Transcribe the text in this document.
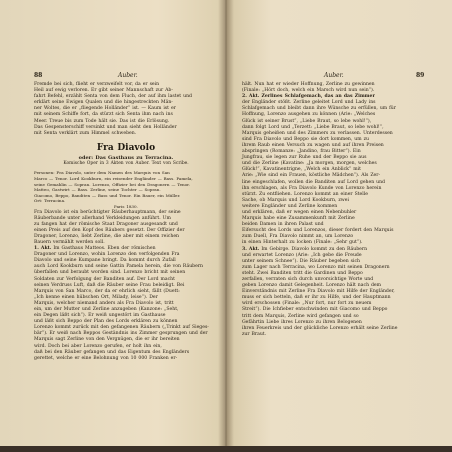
88	Auber.
Fremde bei sich, flieht er verzweifelt vor, da er sein
Heil auf ewig verloren. Er gibt seiner Mannschaft zur Ab-
fahrt Befehl, erzählt Senta von dem Fluch, der auf ihm lastet und
erklärt seine Ewigen Qualen und die hingestreckten Män-
ner Woltes, die er „fliegende Holländer“ ist. — Kaum ist er
mit seinem Schiffe fort, da stürzt sich Senta ihm nach ins
Meer. Treue bis zum Tode hält sie. Das ist die Erlösung.
Das Gespensterschiff versinkt und man sieht den Holländer
mit Senta verklärt zum Himmel schweben.
Fra Diavolo
oder: Das Gasthaus zu Terracina.
Komische Oper in 3 Akten von Auber. Text von Scribe.
Personen: Fra Diavolo, unter dem Namen des Marquis von San
Marco — Tenor. Lord Kookburn, ein reisender Engländer — Bass. Pamela,
seine Gemahlin — Sopran. Lorenzo, Offizier bei den Dragonern — Tenor.
Matteo, Gastwirt — Bass. Zerline, seine Tochter — Sopran.
Giacomo, Beppo, Banditen — Bass und Tenor. Ein Bauer, ein Müller.
Ort: Terracina.
Paris 1830.
Fra Diavolo ist ein berüchtigter Räuberhauptmann, der seine
Räuberbande unter allerhand Verkleidungen anführt. Um
zu fangen hat der römische Staat Dragoner ausgesandt und
einen Preis auf den Kopf des Räubers gesetzt. Der Offizier der
Dragoner, Lorenzo, liebt Zerline, die aber mit einem reichen
Bauern vermählt werden soll.
1. Akt. Im Gasthaus Matteos. Eben der römischen
Dragoner und Lorenzo, wohin Lorenzo den verfolgenden Fra
Diavolo und seine Kumpane bringt. Da kommt durch Zufall
auch Lord Kookburn und seine Gattin Pamela herein, die von Räubern
überfallen und beraubt worden sind. Lorenzo bricht mit seinen
Soldaten zur Verfolgung der Banditen auf. Der Lord macht
seinen Verdruss Luft, daß die Räuber seine Frau beleidigt. Bei
Marquis von San Marco, der da er ehrlich sieht, fällt (Duett:
„Ich kenne einen hübschen Ort, Milady, leise“). Der
Marquis, welcher niemand anders als Fra Diavolo ist, tritt
ein, um der Mutter und Zerline anzugeben (Kanzone: „Seht,
ein Degen läßt sich“). Er weiß ungestört im Gasthause
und läßt sich Beppo der Plan des Lords erklären zu können
Lorenzo kommt zurück mit den gefangenen Räubern („Trinkt auf Sieges-
bär“). Er weiß nach Beppos Geständnis ins Zimmer gesprungen und der
Marquis sagt Zerline von den Vergnügen, die er ihr bereiten
wird. Doch bei aber Lorenzo gerufen, er holt ihn ein,
daß bei den Räuber gefangen und das Eigentum des Engländers
gerettet, welche er eine Belohnung von 10 000 Franken er-
Auber.	89
hält. Nun hat er wieder Hoffnung, Zerline zu gewinnen
(Finale: „Hört doch, welch ein Marsch wird nun sein“).
2. Akt. Zerlines Schlafgemach, das an das Zimmer
der Engländer stößt. Zerline geleitet Lord und Lady ins
Schlafgemach und bleibt dann ihre Wünsche zu erfüllen, um für
Hoffnung, Lorenzo ausgehen zu können (Arie: „Welches
Glück ist seiner Brust“, „Liebe Braut, so lebe wohl!“),
dann folgt Lord und „Terzett: „Liebe Braut, so lebe wohl!“,
Marquis geheißen und des Zimmers zu verlassen. Unterdessen
sind Fra Diavolo und Beppo sie dort kommen, um zu
ihrem Raub einen Versuch zu wagen und auf ihren Preisen
abspringen (Romanze: „Jandino, frau Bitter“). Ein
Jungfrau, sie legen zur Ruhe und der Beppo sie aus
und die Zerline (Kavatine: „Ja morgen, morgen, welches
Glück!“, Kavatinentrigne, „Welch ein Anblick“ mit
Arie: „Wie sind ein Frauen, köstliche Mädchen“). Als Zer-
line eingeschlafen, wollen die Banditen auf Lord gehen und
ihn erschlagen, als Fra Diavolo Kunde von Lorenzo herein
stürzt. Zu entfliehen. Lorenzo kommt an einer Stelle
Sache, ob Marquis und Lord Kookburn, zwei
weitere Engländer und Zerline kommen
und erklären, daß er wegen einen Nebenbuhler
Marquis habe eine Zusammenkunft mit Zerline
beiden Damen in ihren Palast und
Eifersucht des Lords und Lorenzos, dieser fordert den Marquis
zum Duell, Fra Diavolo nimmt an, um Lorenzo
in einen Hinterhalt zu locken (Finale: „Sehr gut“).
3. Akt. Im Gebirge. Diavolo kommt zu den Räubern
und erwartet Lorenzo (Arie: „Ich gebe die Freude
unter seinem Schnee“). Die Räuber begeben sich
zum Lager nach Terracina, wo Lorenzo mit seinen Dragonern
steht. Zwei Banditen tritt die Gardinen und Beppo
zerfallen, verraten sich durch unvorsichtige Worte und
geben Lorenzo damit Gelegenheit. Lorenzo hält nach dem
Einverständnis mit Zerline Fra Diavolo mit Hilfe der Engländer,
muss er sich betteln, daß er ihr zu Hilfe, und der Hauptmann
wird erschossen (Finale: „Nur fort, nur fort zu neuem
Streit“). Die Ichfieber entschwinden mit Giacomo und Beppo
tritt dem Marquis, Zerline wird gefangen und so
Gefährtin Liebe ihres Lorenzo zu ihren Belogenen
ihren Feuerkreis und der glückliche Lorenzo erhält seine Zerline
zur Braut.
